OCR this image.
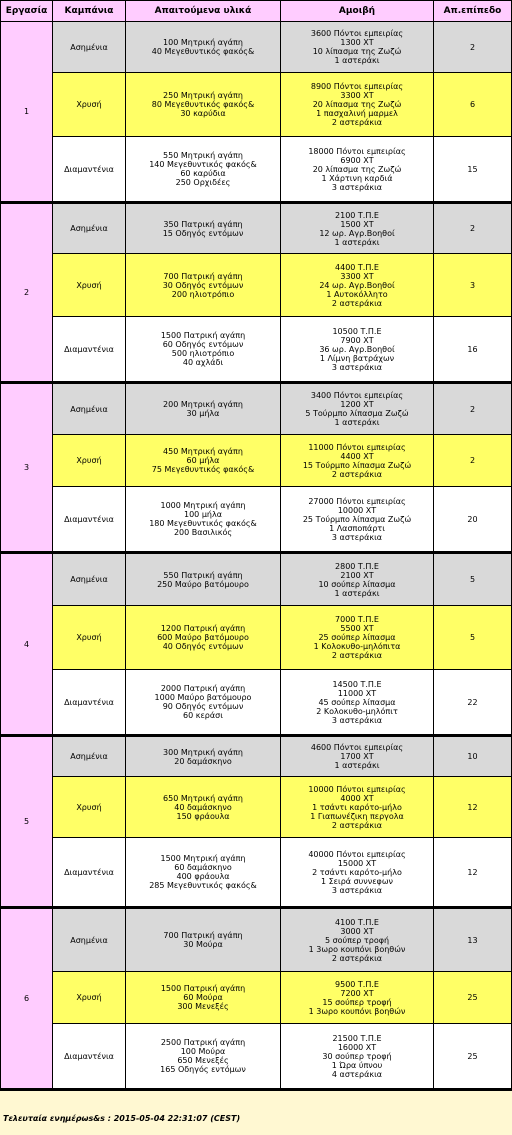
Εργασία	Καμπάνια	Απαιτούμενα υλικά	Αμοιβή	Απ.επίπεδο
1	Ασημένια	100 Μητρική αγάπη
40 Μεγεθυντικός φακός&	3600 Πόντοι εμπειρίας
1300 ΧΤ
10 λίπασμα της Ζωζώ
1 αστεράκι	2
	Χρυσή	250 Μητρική αγάπη
80 Μεγεθυντικός φακός&
30 καρύδια	8900 Πόντοι εμπειρίας
3300 ΧΤ
20 λίπασμα της Ζωζώ
1 πασχαλινή μαρμελ
2 αστεράκια	6
	Διαμαντένια	550 Μητρική αγάπη
140 Μεγεθυντικός φακός&
60 καρύδια
250 Ορχιδέες	18000 Πόντοι εμπειρίας
6900 ΧΤ
20 λίπασμα της Ζωζώ
1 Χάρτινη καρδιά
3 αστεράκια	15
2	Ασημένια	350 Πατρική αγάπη
15 Οδηγός εντόμων	2100 Τ.Π.Ε
1500 ΧΤ
12 ωρ. Αγρ.Βοηθοί
1 αστεράκι	2
	Χρυσή	700 Πατρική αγάπη
30 Οδηγός εντόμων
200 ηλιοτρόπιο	4400 Τ.Π.Ε
3300 ΧΤ
24 ωρ. Αγρ.Βοηθοί
1 Αυτοκόλλητο
2 αστεράκια	3
	Διαμαντένια	1500 Πατρική αγάπη
60 Οδηγός εντόμων
500 ηλιοτρόπιο
40 αχλάδι	10500 Τ.Π.Ε
7900 ΧΤ
36 ωρ. Αγρ.Βοηθοί
1 Λίμνη βατράχων
3 αστεράκια	16
3	Ασημένια	200 Μητρική αγάπη
30 μήλα	3400 Πόντοι εμπειρίας
1200 ΧΤ
5 Τούρμπο λίπασμα Ζωζώ
1 αστεράκι	2
	Χρυσή	450 Μητρική αγάπη
60 μήλα
75 Μεγεθυντικός φακός&	11000 Πόντοι εμπειρίας
4400 ΧΤ
15 Τούρμπο λίπασμα Ζωζώ
2 αστεράκια	2
	Διαμαντένια	1000 Μητρική αγάπη
100 μήλα
180 Μεγεθυντικός φακός&
200 Βασιλικός	27000 Πόντοι εμπειρίας
10000 ΧΤ
25 Τούρμπο λίπασμα Ζωζώ
1 Λασποπάρτι
3 αστεράκια	20
4	Ασημένια	550 Πατρική αγάπη
250 Μαύρο βατόμουρο	2800 Τ.Π.Ε
2100 ΧΤ
10 σούπερ λίπασμα
1 αστεράκι	5
	Χρυσή	1200 Πατρική αγάπη
600 Μαύρο βατόμουρο
40 Οδηγός εντόμων	7000 Τ.Π.Ε
5500 ΧΤ
25 σούπερ λίπασμα
1 Κολοκυθο-μηλόπιτα
2 αστεράκια	5
	Διαμαντένια	2000 Πατρική αγάπη
1000 Μαύρο βατόμουρο
90 Οδηγός εντόμων
60 κεράσι	14500 Τ.Π.Ε
11000 ΧΤ
45 σούπερ λίπασμα
2 Κολοκυθο-μηλόπιτ
3 αστεράκια	22
5	Ασημένια	300 Μητρική αγάπη
20 δαμάσκηνο	4600 Πόντοι εμπειρίας
1700 ΧΤ
1 αστεράκι	10
	Χρυσή	650 Μητρική αγάπη
40 δαμάσκηνο
150 φράουλα	10000 Πόντοι εμπειρίας
4000 ΧΤ
1 τσάντι καρότο-μήλο
1 Γιαπωνέζικη περγολα
2 αστεράκια	12
	Διαμαντένια	1500 Μητρική αγάπη
60 δαμάσκηνο
400 φράουλα
285 Μεγεθυντικός φακός&	40000 Πόντοι εμπειρίας
15000 ΧΤ
2 τσάντι καρότο-μήλο
1 Σειρά συννεφων
3 αστεράκια	12
6	Ασημένια	700 Πατρική αγάπη
30 Μούρα	4100 Τ.Π.Ε
3000 ΧΤ
5 σούπερ τροφή
1 3ωρο κουπόνι βοηθών
2 αστεράκια	13
	Χρυσή	1500 Πατρική αγάπη
60 Μούρα
300 Μενεξές	9500 Τ.Π.Ε
7200 ΧΤ
15 σούπερ τροφή
1 3ωρο κουπόνι βοηθών	25
	Διαμαντένια	2500 Πατρική αγάπη
100 Μούρα
650 Μενεξές
165 Οδηγός εντόμων	21500 Τ.Π.Ε
16000 ΧΤ
30 σούπερ τροφή
1 Ώρα ύπνου
4 αστεράκια	25
Τελευταία ενημέρωs&s : 2015-05-04 22:31:07 (CEST)
